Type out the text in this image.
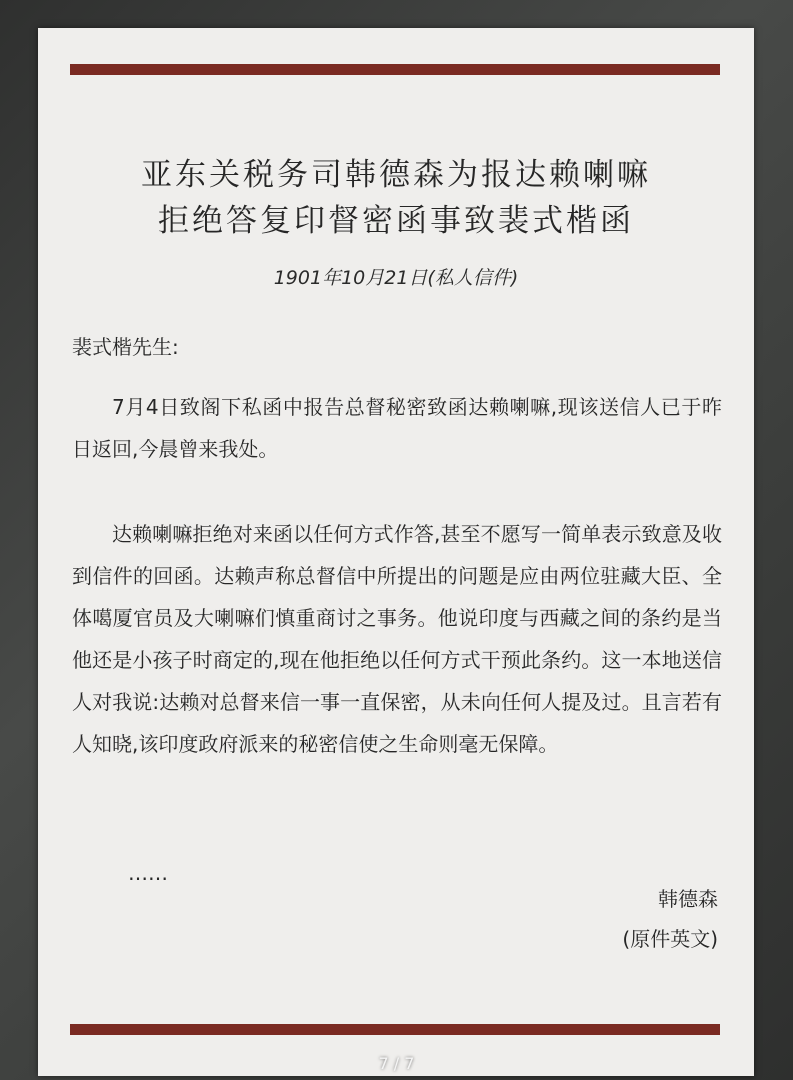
亚东关税务司韩德森为报达赖喇嘛
拒绝答复印督密函事致裴式楷函
1901年10月21日(私人信件)
裴式楷先生:
7月4日致阁下私函中报告总督秘密致函达赖喇嘛,现该送信人已于昨日返回,今晨曾来我处。
达赖喇嘛拒绝对来函以任何方式作答,甚至不愿写一简单表示致意及收到信件的回函。达赖声称总督信中所提出的问题是应由两位驻藏大臣、全体噶厦官员及大喇嘛们慎重商讨之事务。他说印度与西藏之间的条约是当他还是小孩子时商定的,现在他拒绝以任何方式干预此条约。这一本地送信人对我说:达赖对总督来信一事一直保密，从未向任何人提及过。且言若有人知晓,该印度政府派来的秘密信使之生命则毫无保障。
……
韩德森
(原件英文)
7 / 7
